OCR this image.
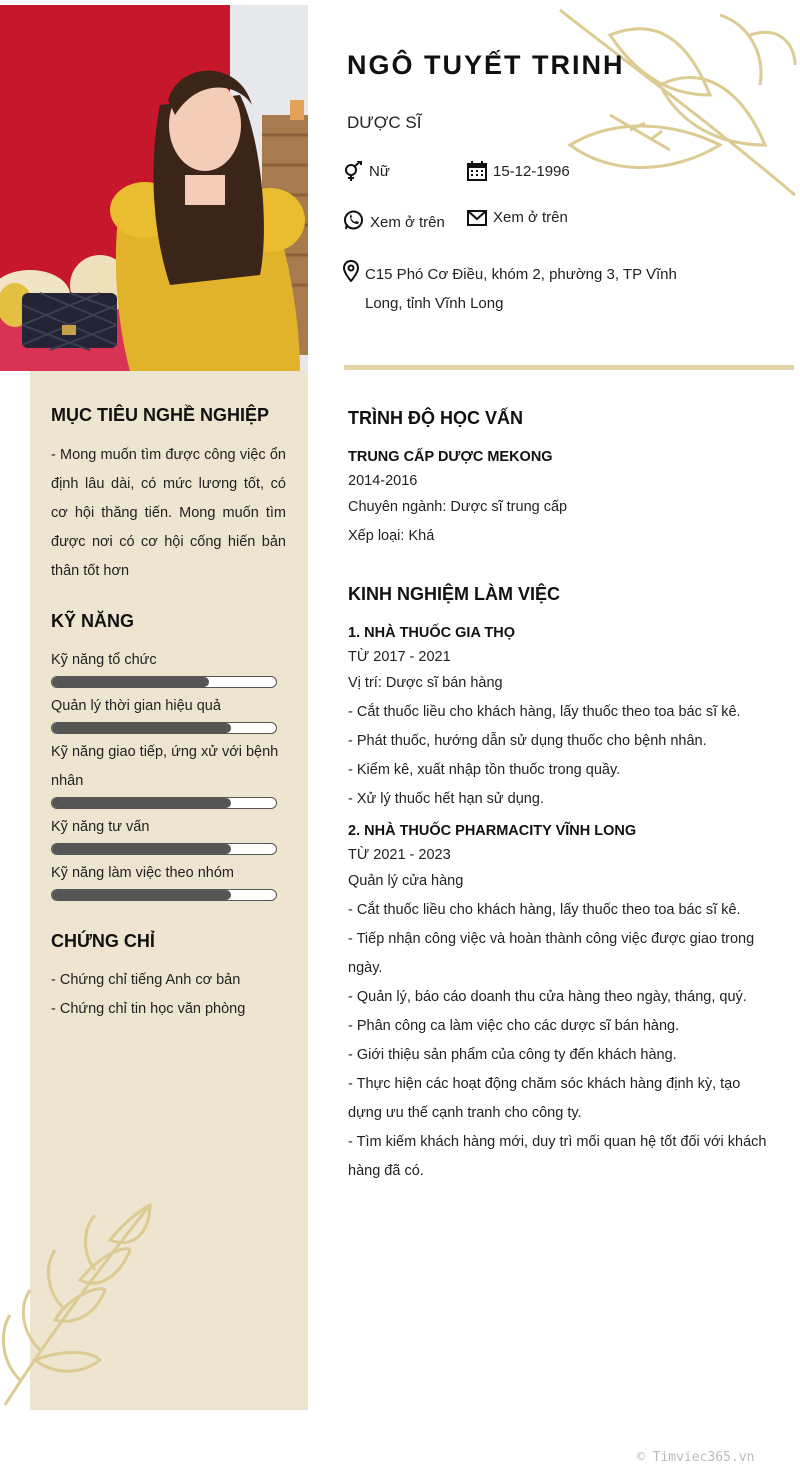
NGÔ TUYẾT TRINH
DƯỢC SĨ
Nữ	15-12-1996
Xem ở trên	Xem ở trên
C15 Phó Cơ Điều, khóm 2, phường 3, TP Vĩnh Long, tỉnh Vĩnh Long
MỤC TIÊU NGHỀ NGHIỆP
- Mong muốn tìm được công việc ổn định lâu dài, có mức lương tốt, có cơ hội thăng tiến. Mong muốn tìm được nơi có cơ hội cống hiến bản thân tốt hơn
KỸ NĂNG
Kỹ năng tổ chức
Quản lý thời gian hiệu quả
Kỹ năng giao tiếp, ứng xử với bệnh nhân
Kỹ năng tư vấn
Kỹ năng làm việc theo nhóm
CHỨNG CHỈ
- Chứng chỉ tiếng Anh cơ bản
- Chứng chỉ tin học văn phòng
TRÌNH ĐỘ HỌC VẤN
TRUNG CẤP DƯỢC MEKONG
2014-2016
Chuyên ngành: Dược sĩ trung cấp
Xếp loại: Khá
KINH NGHIỆM LÀM VIỆC
1. NHÀ THUỐC GIA THỌ
TỪ 2017 - 2021
Vị trí: Dược sĩ bán hàng
- Cắt thuốc liều cho khách hàng, lấy thuốc theo toa bác sĩ kê.
- Phát thuốc, hướng dẫn sử dụng thuốc cho bệnh nhân.
- Kiểm kê, xuất nhập tồn thuốc trong quầy.
- Xử lý thuốc hết hạn sử dụng.
2. NHÀ THUỐC PHARMACITY VĨNH LONG
TỪ 2021 - 2023
Quản lý cửa hàng
- Cắt thuốc liều cho khách hàng, lấy thuốc theo toa bác sĩ kê.
- Tiếp nhận công việc và hoàn thành công việc được giao trong ngày.
- Quản lý, báo cáo doanh thu cửa hàng theo ngày, tháng, quý.
- Phân công ca làm việc cho các dược sĩ bán hàng.
- Giới thiệu sản phẩm của công ty đến khách hàng.
- Thực hiện các hoạt động chăm sóc khách hàng định kỳ, tạo dựng ưu thế cạnh tranh cho công ty.
- Tìm kiếm khách hàng mới, duy trì mối quan hệ tốt đối với khách hàng đã có.
© Timviec365.vn
